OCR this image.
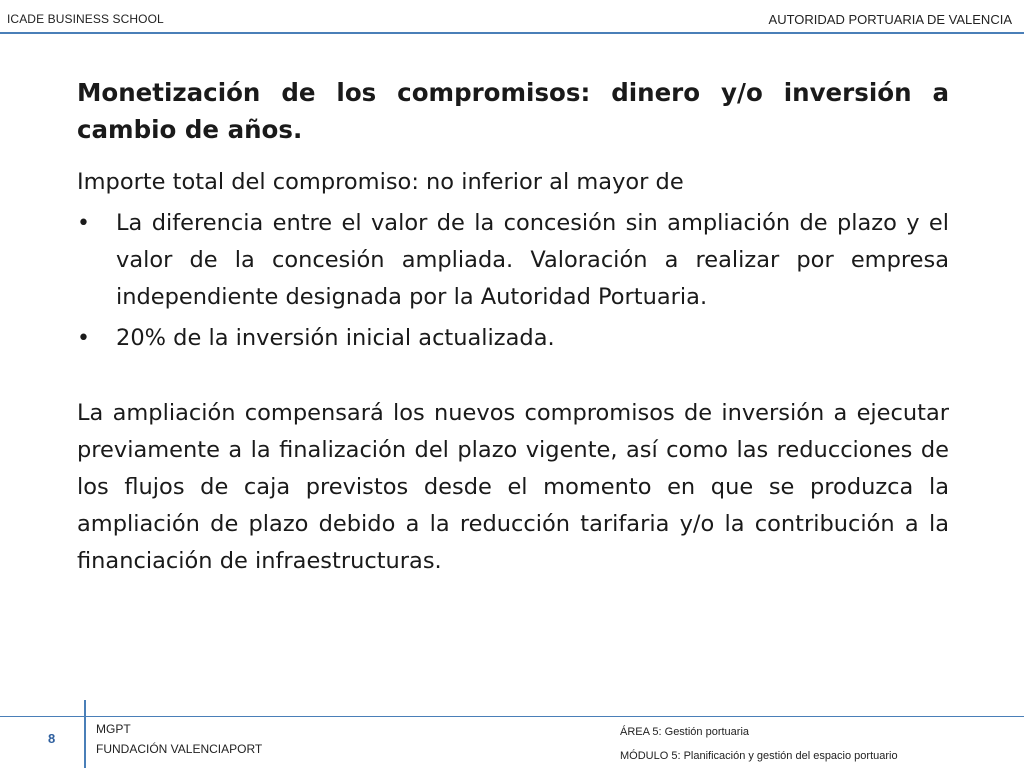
ICADE BUSINESS SCHOOL	AUTORIDAD PORTUARIA DE VALENCIA
Monetización de los compromisos: dinero y/o inversión a cambio de años.

Importe total del compromiso: no inferior al mayor de

•	La diferencia entre el valor de la concesión sin ampliación de plazo y el valor de la concesión ampliada. Valoración a realizar por empresa independiente designada por la Autoridad Portuaria.
•	20% de la inversión inicial actualizada.

La ampliación compensará los nuevos compromisos de inversión a ejecutar previamente a la finalización del plazo vigente, así como las reducciones de los flujos de caja previstos desde el momento en que se produzca la ampliación de plazo debido a la reducción tarifaria y/o la contribución a la financiación de infraestructuras.

8
MGPT
FUNDACIÓN VALENCIAPORT
ÁREA 5: Gestión portuaria
MÓDULO 5: Planificación y gestión del espacio portuario
